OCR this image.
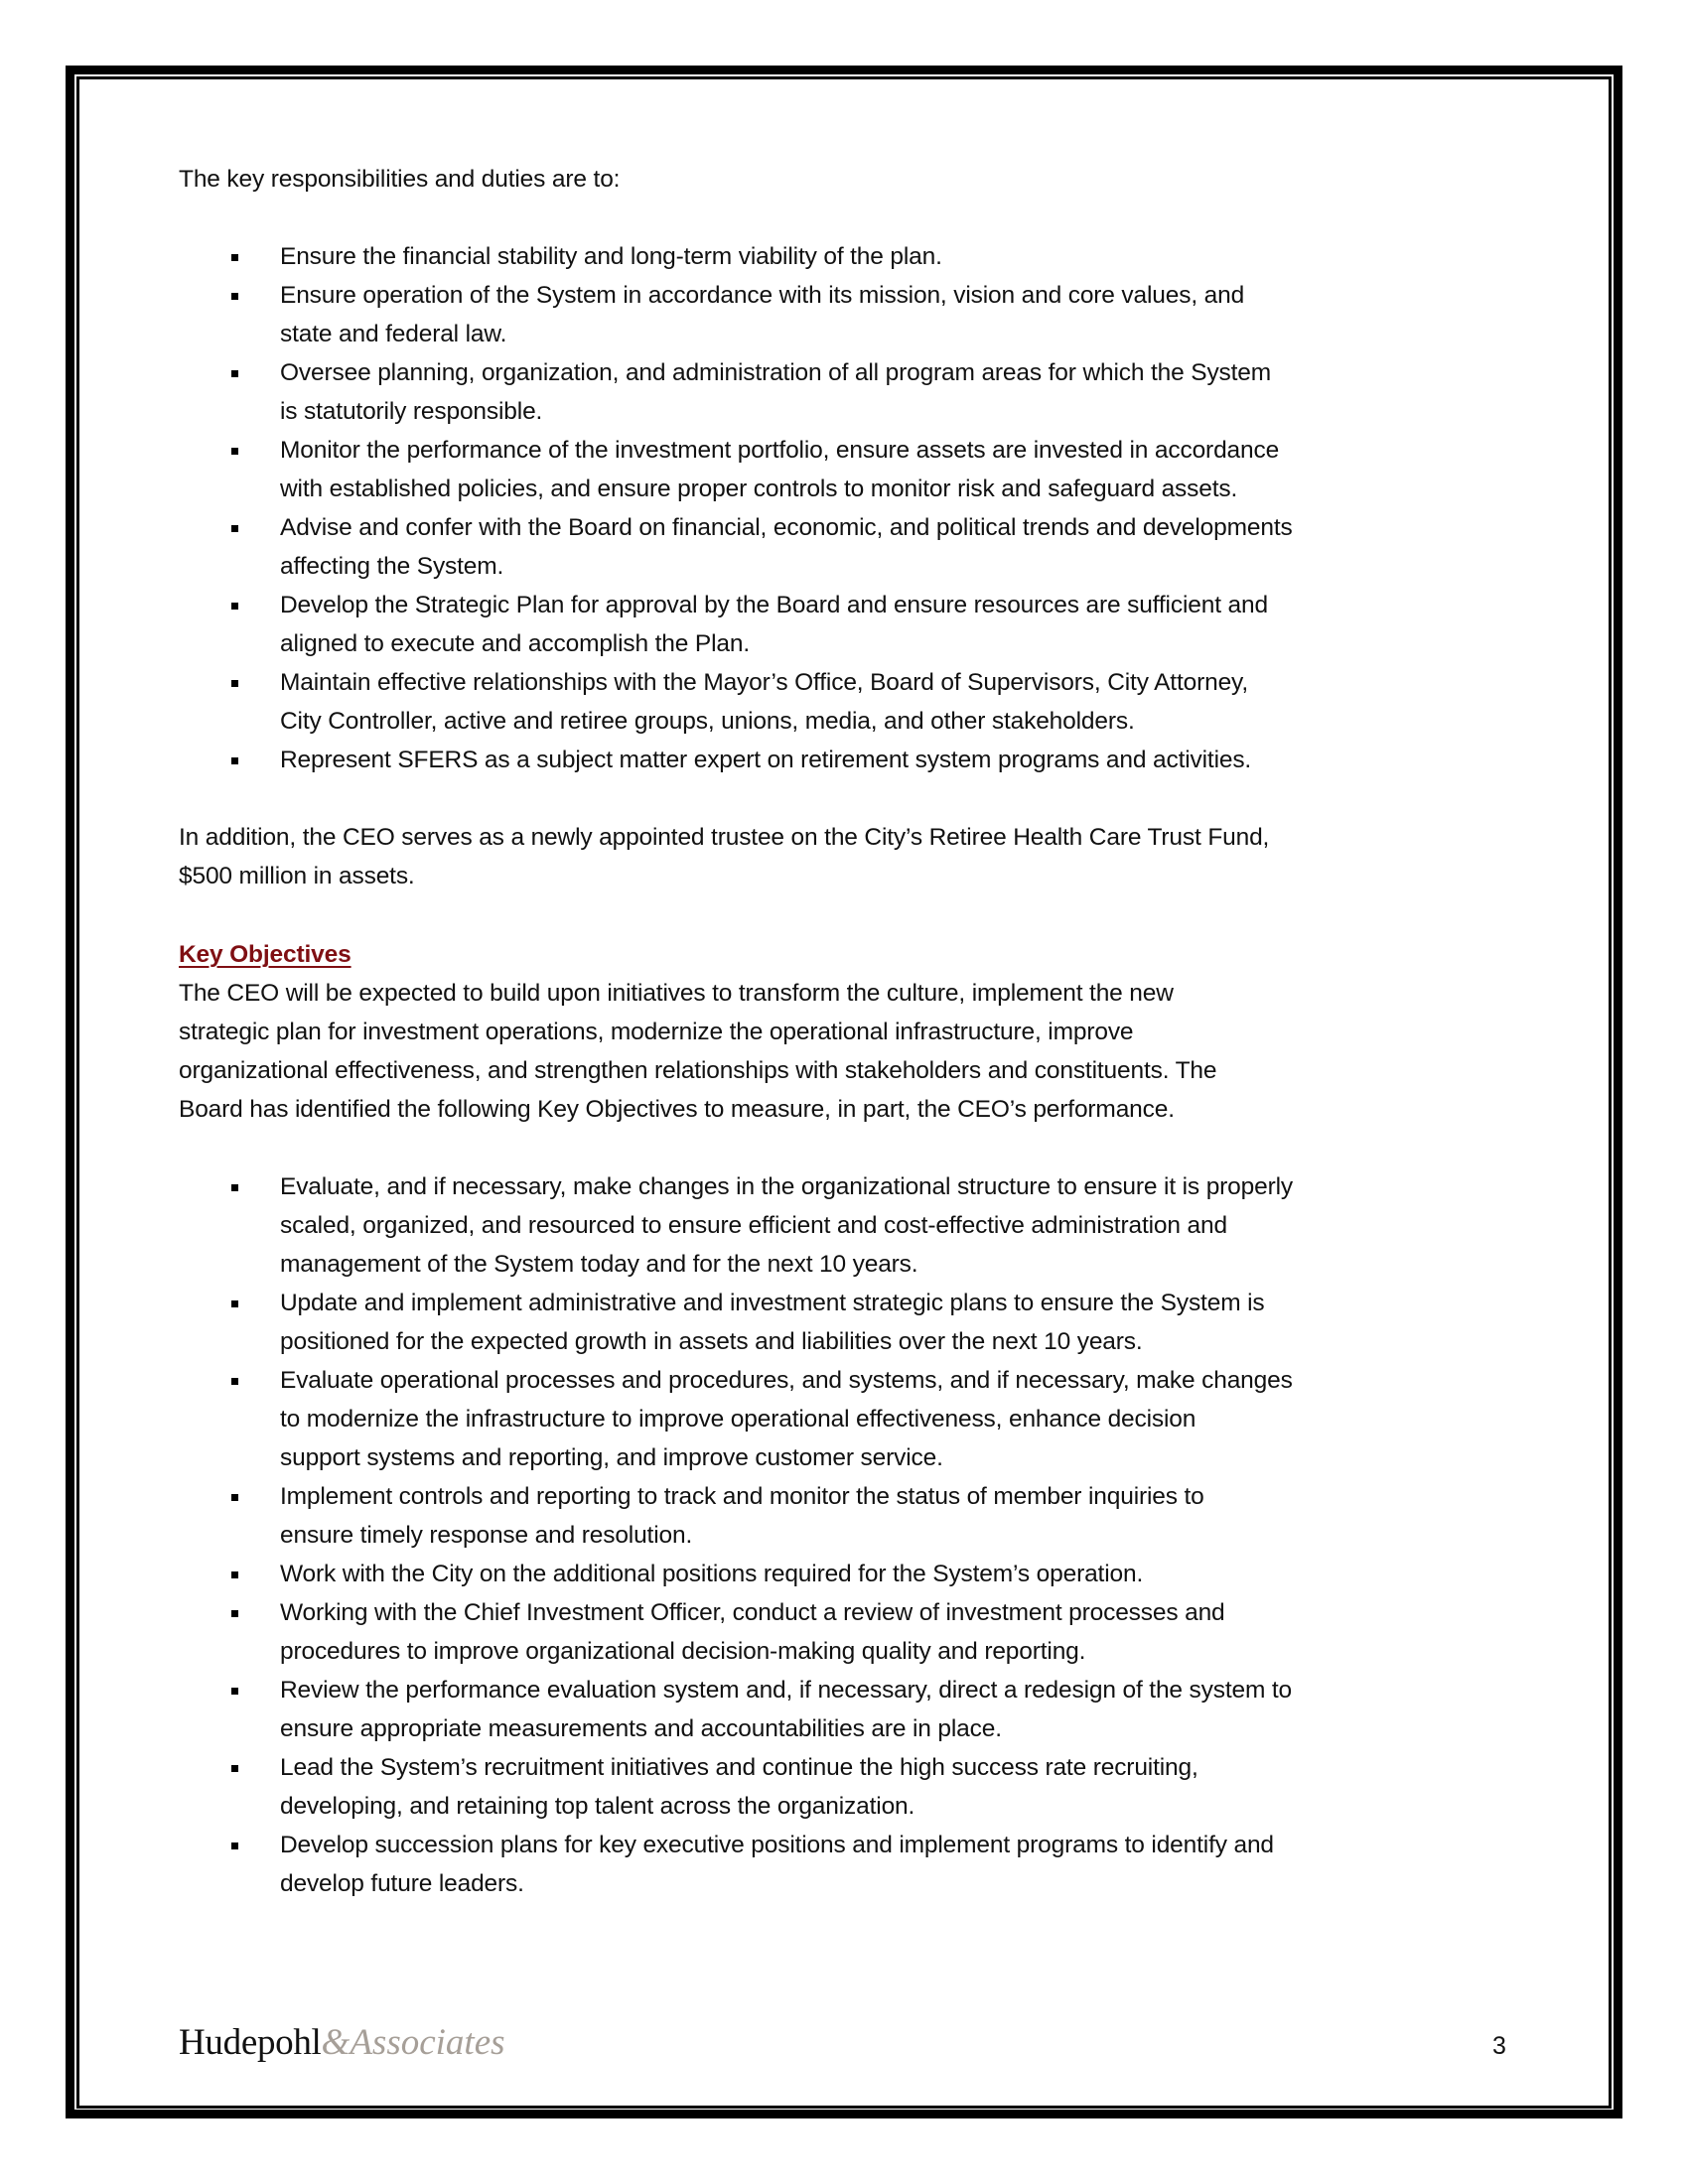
The key responsibilities and duties are to:
Ensure the financial stability and long-term viability of the plan.
Ensure operation of the System in accordance with its mission, vision and core values, and
state and federal law.
Oversee planning, organization, and administration of all program areas for which the System
is statutorily responsible.
Monitor the performance of the investment portfolio, ensure assets are invested in accordance
with established policies, and ensure proper controls to monitor risk and safeguard assets.
Advise and confer with the Board on financial, economic, and political trends and developments
affecting the System.
Develop the Strategic Plan for approval by the Board and ensure resources are sufficient and
aligned to execute and accomplish the Plan.
Maintain effective relationships with the Mayor’s Office, Board of Supervisors, City Attorney,
City Controller, active and retiree groups, unions, media, and other stakeholders.
Represent SFERS as a subject matter expert on retirement system programs and activities.
In addition, the CEO serves as a newly appointed trustee on the City’s Retiree Health Care Trust Fund,
$500 million in assets.
Key Objectives
The CEO will be expected to build upon initiatives to transform the culture, implement the new
strategic plan for investment operations, modernize the operational infrastructure, improve
organizational effectiveness, and strengthen relationships with stakeholders and constituents. The
Board has identified the following Key Objectives to measure, in part, the CEO’s performance.
Evaluate, and if necessary, make changes in the organizational structure to ensure it is properly
scaled, organized, and resourced to ensure efficient and cost-effective administration and
management of the System today and for the next 10 years.
Update and implement administrative and investment strategic plans to ensure the System is
positioned for the expected growth in assets and liabilities over the next 10 years.
Evaluate operational processes and procedures, and systems, and if necessary, make changes
to modernize the infrastructure to improve operational effectiveness, enhance decision
support systems and reporting, and improve customer service.
Implement controls and reporting to track and monitor the status of member inquiries to
ensure timely response and resolution.
Work with the City on the additional positions required for the System’s operation.
Working with the Chief Investment Officer, conduct a review of investment processes and
procedures to improve organizational decision-making quality and reporting.
Review the performance evaluation system and, if necessary, direct a redesign of the system to
ensure appropriate measurements and accountabilities are in place.
Lead the System’s recruitment initiatives and continue the high success rate recruiting,
developing, and retaining top talent across the organization.
Develop succession plans for key executive positions and implement programs to identify and
develop future leaders.
Hudepohl&Associates	3
